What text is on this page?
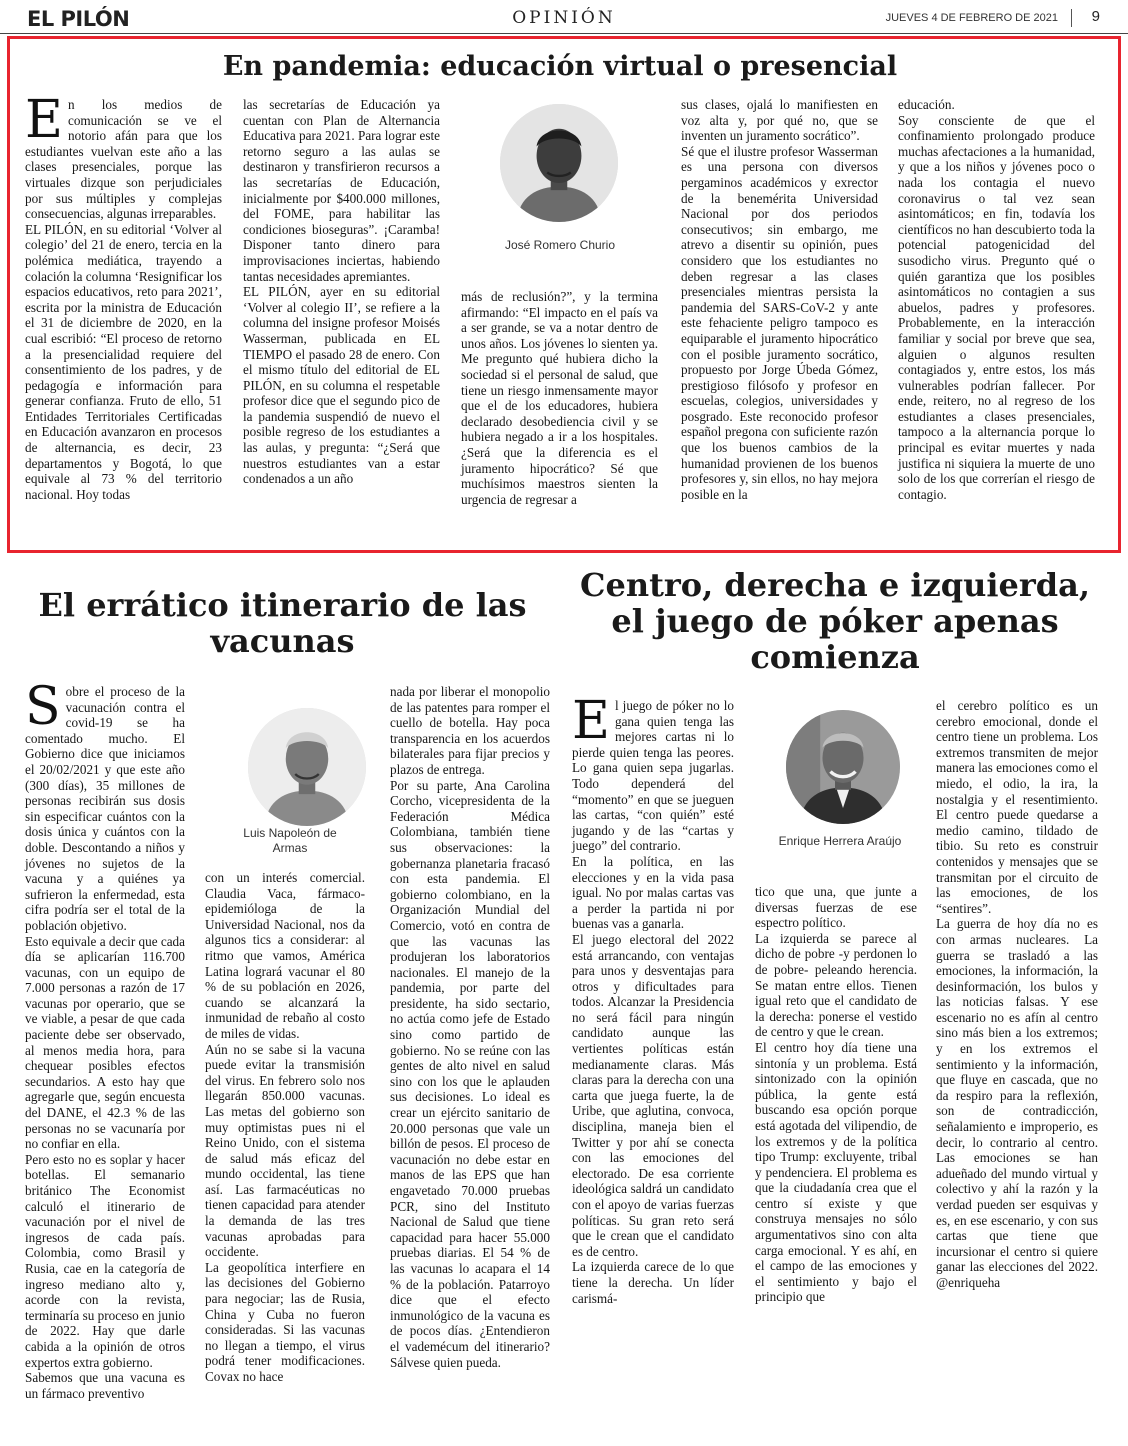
EL PILÓN	OPINIÓN	JUEVES 4 DE FEBRERO DE 2021 9
En pandemia: educación virtual o presencial

En los medios de comunicación se ve el notorio afán para que los estudiantes vuelvan este año a las clases presenciales, porque las virtuales dizque son perjudiciales por sus múltiples y complejas consecuencias, algunas irreparables.

EL PILÓN, en su editorial ‘Volver al colegio’ del 21 de enero, tercia en la polémica mediática, trayendo a colación la columna ‘Resignificar los espacios educativos, reto para 2021’, escrita por la ministra de Educación el 31 de diciembre de 2020, en la cual escribió: “El proceso de retorno a la presencialidad requiere del consentimiento de los padres, y de pedagogía e información para generar confianza. Fruto de ello, 51 Entidades Territoriales Certificadas en Educación avanzaron en procesos de alternancia, es decir, 23 departamentos y Bogotá, lo que equivale al 73 % del territorio nacional. Hoy todas

las secretarías de Educación ya cuentan con Plan de Alternancia Educativa para 2021. Para lograr este retorno seguro a las aulas se destinaron y transfirieron recursos a las secretarías de Educación, inicialmente por $400.000 millones, del FOME, para habilitar las condiciones bioseguras”. ¡Caramba! Disponer tanto dinero para improvisaciones inciertas, habiendo tantas necesidades apremiantes.

EL PILÓN, ayer en su editorial ‘Volver al colegio II’, se refiere a la columna del insigne profesor Moisés Wasserman, publicada en EL TIEMPO el pasado 28 de enero. Con el mismo título del editorial de EL PILÓN, en su columna el respetable profesor dice que el segundo pico de la pandemia suspendió de nuevo el posible regreso de los estudiantes a las aulas, y pregunta: “¿Será que nuestros estudiantes van a estar condenados a un año

José Romero Churio

más de reclusión?”, y la termina afirmando: “El impacto en el país va a ser grande, se va a notar dentro de unos años. Los jóvenes lo sienten ya. Me pregunto qué hubiera dicho la sociedad si el personal de salud, que tiene un riesgo inmensamente mayor que el de los educadores, hubiera declarado desobediencia civil y se hubiera negado a ir a los hospitales. ¿Será que la diferencia es el juramento hipocrático? Sé que muchísimos maestros sienten la urgencia de regresar a

sus clases, ojalá lo manifiesten en voz alta y, por qué no, que se inventen un juramento socrático”.

Sé que el ilustre profesor Wasserman es una persona con diversos pergaminos académicos y exrector de la benemérita Universidad Nacional por dos periodos consecutivos; sin embargo, me atrevo a disentir su opinión, pues considero que los estudiantes no deben regresar a las clases presenciales mientras persista la pandemia del SARS-CoV-2 y ante este fehaciente peligro tampoco es equiparable el juramento hipocrático con el posible juramento socrático, propuesto por Jorge Úbeda Gómez, prestigioso filósofo y profesor en escuelas, colegios, universidades y posgrado. Este reconocido profesor español pregona con suficiente razón que los buenos cambios de la humanidad provienen de los buenos profesores y, sin ellos, no hay mejora posible en la

educación.

Soy consciente de que el confinamiento prolongado produce muchas afectaciones a la humanidad, y que a los niños y jóvenes poco o nada los contagia el nuevo coronavirus o tal vez sean asintomáticos; en fin, todavía los científicos no han descubierto toda la potencial patogenicidad del susodicho virus. Pregunto qué o quién garantiza que los posibles asintomáticos no contagien a sus abuelos, padres y profesores. Probablemente, en la interacción familiar y social por breve que sea, alguien o algunos resulten contagiados y, entre estos, los más vulnerables podrían fallecer. Por ende, reitero, no al regreso de los estudiantes a clases presenciales, tampoco a la alternancia porque lo principal es evitar muertes y nada justifica ni siquiera la muerte de uno solo de los que correrían el riesgo de contagio.

El errático itinerario de las vacunas

Sobre el proceso de la vacunación contra el covid-19 se ha comentado mucho. El Gobierno dice que iniciamos el 20/02/2021 y que este año (300 días), 35 millones de personas recibirán sus dosis sin especificar cuántos con la dosis única y cuántos con la doble. Descontando a niños y jóvenes no sujetos de la vacuna y a quiénes ya sufrieron la enfermedad, esta cifra podría ser el total de la población objetivo.

Esto equivale a decir que cada día se aplicarían 116.700 vacunas, con un equipo de 7.000 personas a razón de 17 vacunas por operario, que se ve viable, a pesar de que cada paciente debe ser observado, al menos media hora, para chequear posibles efectos secundarios. A esto hay que agregarle que, según encuesta del DANE, el 42.3 % de las personas no se vacunaría por no confiar en ella.

Pero esto no es soplar y hacer botellas. El semanario británico The Economist calculó el itinerario de vacunación por el nivel de ingresos de cada país. Colombia, como Brasil y Rusia, cae en la categoría de ingreso mediano alto y, acorde con la revista, terminaría su proceso en junio de 2022. Hay que darle cabida a la opinión de otros expertos extra gobierno.

Sabemos que una vacuna es un fármaco preventivo

Luis Napoleón de Armas

con un interés comercial. Claudia Vaca, fármaco-epidemióloga de la Universidad Nacional, nos da algunos tics a considerar: al ritmo que vamos, América Latina logrará vacunar el 80 % de su población en 2026, cuando se alcanzará la inmunidad de rebaño al costo de miles de vidas.

Aún no se sabe si la vacuna puede evitar la transmisión del virus. En febrero solo nos llegarán 850.000 vacunas. Las metas del gobierno son muy optimistas pues ni el Reino Unido, con el sistema de salud más eficaz del mundo occidental, las tiene así. Las farmacéuticas no tienen capacidad para atender la demanda de las tres vacunas aprobadas para occidente.

La geopolítica interfiere en las decisiones del Gobierno para negociar; las de Rusia, China y Cuba no fueron consideradas. Si las vacunas no llegan a tiempo, el virus podrá tener modificaciones. Covax no hace

nada por liberar el monopolio de las patentes para romper el cuello de botella. Hay poca transparencia en los acuerdos bilaterales para fijar precios y plazos de entrega.

Por su parte, Ana Carolina Corcho, vicepresidenta de la Federación Médica Colombiana, también tiene sus observaciones: la gobernanza planetaria fracasó con esta pandemia. El gobierno colombiano, en la Organización Mundial del Comercio, votó en contra de que las vacunas las produjeran los laboratorios nacionales. El manejo de la pandemia, por parte del presidente, ha sido sectario, no actúa como jefe de Estado sino como partido de gobierno. No se reúne con las gentes de alto nivel en salud sino con los que le aplauden sus decisiones. Lo ideal es crear un ejército sanitario de 20.000 personas que vale un billón de pesos. El proceso de vacunación no debe estar en manos de las EPS que han engavetado 70.000 pruebas PCR, sino del Instituto Nacional de Salud que tiene capacidad para hacer 55.000 pruebas diarias. El 54 % de las vacunas lo acapara el 14 % de la población. Patarroyo dice que el efecto inmunológico de la vacuna es de pocos días. ¿Entendieron el vademécum del itinerario? Sálvese quien pueda.

Centro, derecha e izquierda, el juego de póker apenas comienza

El juego de póker no lo gana quien tenga las mejores cartas ni lo pierde quien tenga las peores. Lo gana quien sepa jugarlas. Todo dependerá del “momento” en que se jueguen las cartas, “con quién” esté jugando y de las “cartas y juego” del contrario.

En la política, en las elecciones y en la vida pasa igual. No por malas cartas vas a perder la partida ni por buenas vas a ganarla.

El juego electoral del 2022 está arrancando, con ventajas para unos y desventajas para otros y dificultades para todos. Alcanzar la Presidencia no será fácil para ningún candidato aunque las vertientes políticas están medianamente claras. Más claras para la derecha con una carta que juega fuerte, la de Uribe, que aglutina, convoca, disciplina, maneja bien el Twitter y por ahí se conecta con las emociones del electorado. De esa corriente ideológica saldrá un candidato con el apoyo de varias fuerzas políticas. Su gran reto será que le crean que el candidato es de centro.

La izquierda carece de lo que tiene la derecha. Un líder carismá-

Enrique Herrera Araújo

tico que una, que junte a diversas fuerzas de ese espectro político.

La izquierda se parece al dicho de pobre -y perdonen lo de pobre- peleando herencia. Se matan entre ellos. Tienen igual reto que el candidato de la derecha: ponerse el vestido de centro y que le crean.

El centro hoy día tiene una sintonía y un problema. Está sintonizado con la opinión pública, la gente está buscando esa opción porque está agotada del vilipendio, de los extremos y de la política tipo Trump: excluyente, tribal y pendenciera. El problema es que la ciudadanía crea que el centro sí existe y que construya mensajes no sólo argumentativos sino con alta carga emocional. Y es ahí, en el campo de las emociones y el sentimiento y bajo el principio que

el cerebro político es un cerebro emocional, donde el centro tiene un problema. Los extremos transmiten de mejor manera las emociones como el miedo, el odio, la ira, la nostalgia y el resentimiento. El centro puede quedarse a medio camino, tildado de tibio. Su reto es construir contenidos y mensajes que se transmitan por el circuito de las emociones, de los “sentires”.

La guerra de hoy día no es con armas nucleares. La guerra se trasladó a las emociones, la información, la desinformación, los bulos y las noticias falsas. Y ese escenario no es afín al centro sino más bien a los extremos; y en los extremos el sentimiento y la información, que fluye en cascada, que no da respiro para la reflexión, son de contradicción, señalamiento e improperio, es decir, lo contrario al centro. Las emociones se han adueñado del mundo virtual y colectivo y ahí la razón y la verdad pueden ser esquivas y es, en ese escenario, y con sus cartas que tiene que incursionar el centro si quiere ganar las elecciones del 2022. @enriqueha
